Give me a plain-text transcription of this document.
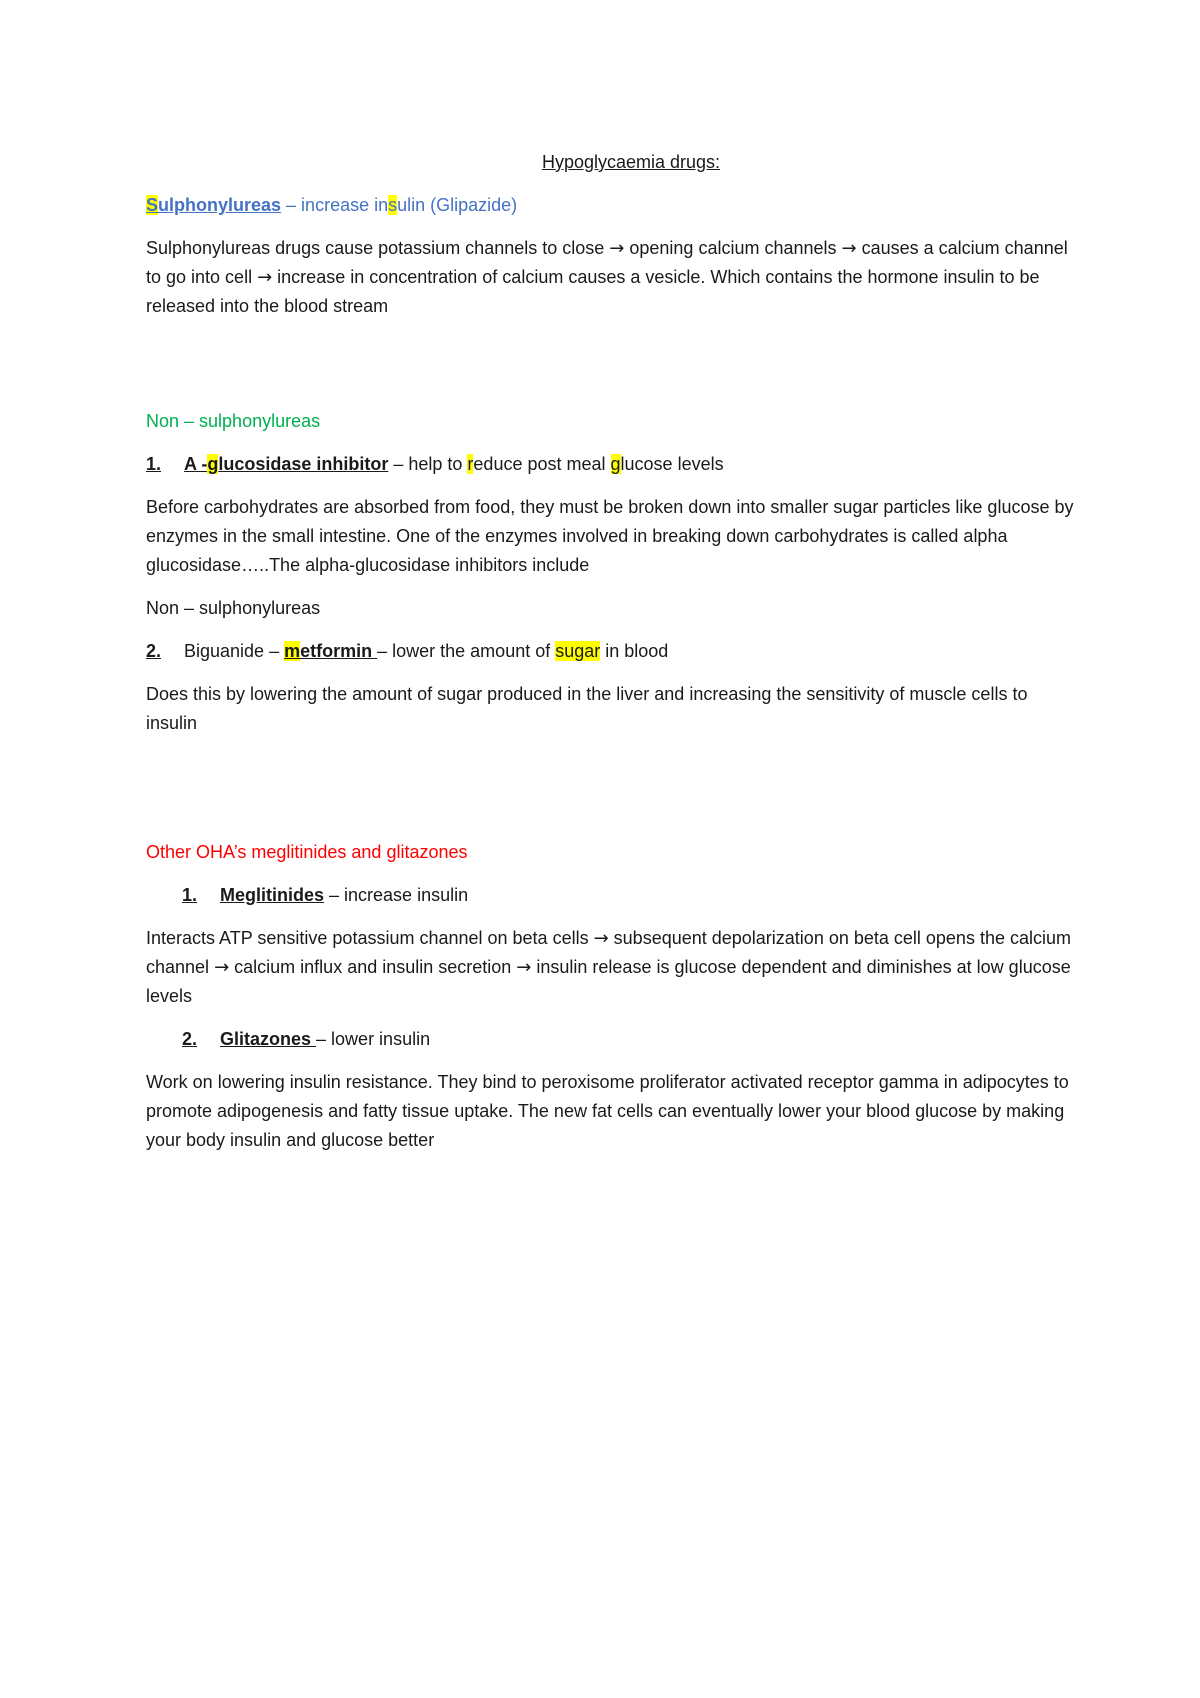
Hypoglycaemia drugs:

Sulphonylureas – increase insulin (Glipazide)

Sulphonylureas drugs cause potassium channels to close → opening calcium channels → causes a calcium channel to go into cell → increase in concentration of calcium causes a vesicle. Which contains the hormone insulin to be released into the blood stream

Non – sulphonylureas

1. A -glucosidase inhibitor – help to reduce post meal glucose levels

Before carbohydrates are absorbed from food, they must be broken down into smaller sugar particles like glucose by enzymes in the small intestine. One of the enzymes involved in breaking down carbohydrates is called alpha glucosidase…..The alpha-glucosidase inhibitors include

Non – sulphonylureas

2. Biguanide – metformin – lower the amount of sugar in blood

Does this by lowering the amount of sugar produced in the liver and increasing the sensitivity of muscle cells to insulin

Other OHA’s meglitinides and glitazones

1. Meglitinides – increase insulin

Interacts ATP sensitive potassium channel on beta cells → subsequent depolarization on beta cell opens the calcium channel → calcium influx and insulin secretion → insulin release is glucose dependent and diminishes at low glucose levels

2. Glitazones – lower insulin

Work on lowering insulin resistance. They bind to peroxisome proliferator activated receptor gamma in adipocytes to promote adipogenesis and fatty tissue uptake. The new fat cells can eventually lower your blood glucose by making your body insulin and glucose better
